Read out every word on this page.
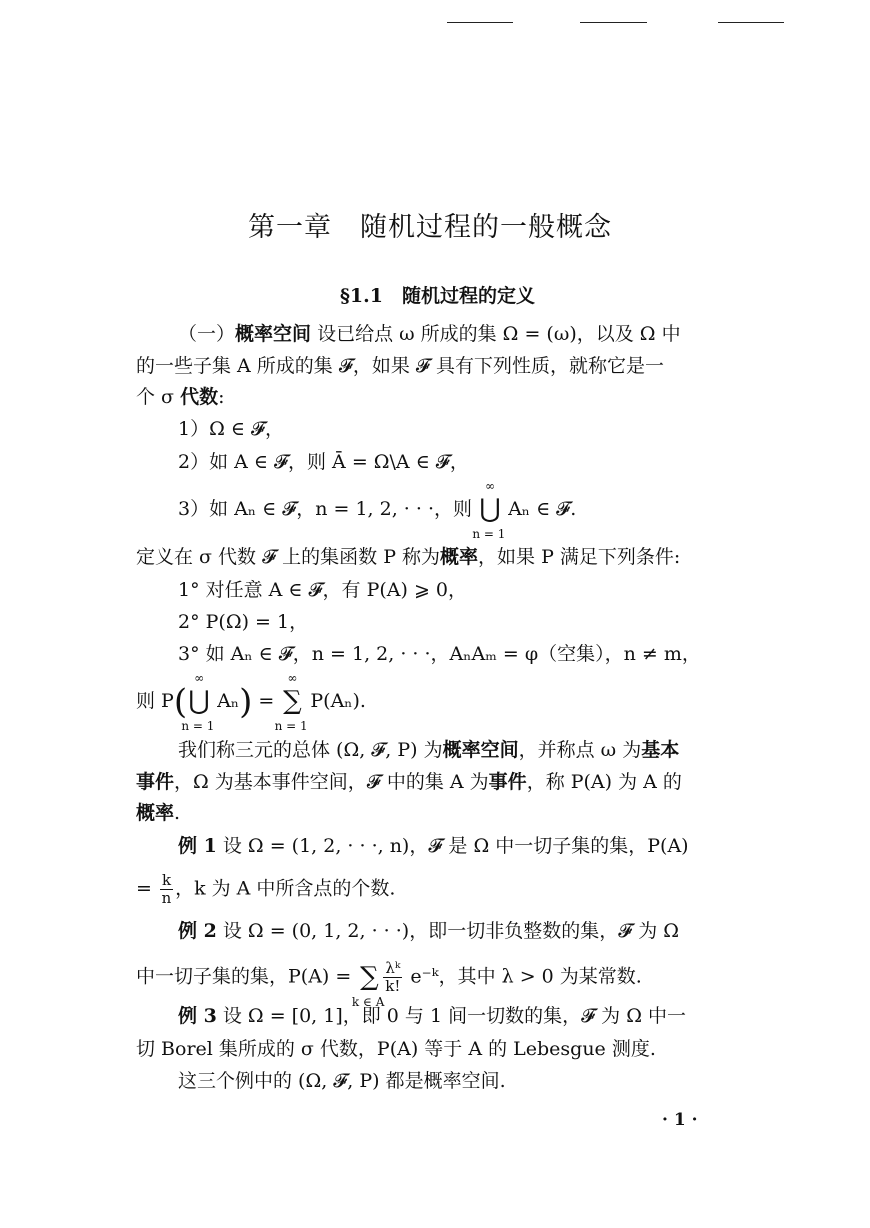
第一章　随机过程的一般概念
§1.1　随机过程的定义
（一）概率空间 设已给点 ω 所成的集 Ω = (ω)，以及 Ω 中
的一些子集 A 所成的集 𝓕，如果 𝓕 具有下列性质，就称它是一
个 σ 代数:
1）Ω ∈ 𝓕，
2）如 A ∈ 𝓕，则 Ā = Ω\A ∈ 𝓕，
3）如 Aₙ ∈ 𝓕，n = 1, 2, · · ·，则
∞
⋃
n = 1
Aₙ ∈ 𝓕.
定义在 σ 代数 𝓕 上的集函数 P 称为概率，如果 P 满足下列条件:
1° 对任意 A ∈ 𝓕，有 P(A) ⩾ 0，
2° P(Ω) = 1，
3° 如 Aₙ ∈ 𝓕，n = 1, 2, · · ·，AₙAₘ = φ（空集），n ≠ m，
则 P(
∞
⋃
n = 1
Aₙ) =
∞
∑
n = 1
P(Aₙ).
我们称三元的总体 (Ω, 𝓕, P) 为概率空间，并称点 ω 为基本
事件，Ω 为基本事件空间，𝓕 中的集 A 为事件，称 P(A) 为 A 的
概率.
例 1 设 Ω = (1, 2, · · ·, n)，𝓕 是 Ω 中一切子集的集，P(A)
= $\frac{k}{n}$ ，k 为 A 中所含点的个数.
例 2 设 Ω = (0, 1, 2, · · ·)，即一切非负整数的集，𝓕 为 Ω
中一切子集的集，P(A) = ∑
k ∈ A
$\frac{\text{λᵏ}}{k!}$ e⁻ᵏ，其中 λ > 0 为某常数.
例 3 设 Ω = [0, 1]，即 0 与 1 间一切数的集，𝓕 为 Ω 中一
切 Borel 集所成的 σ 代数，P(A) 等于 A 的 Lebesgue 测度.
这三个例中的 (Ω, 𝓕, P) 都是概率空间.
· 1 ·
